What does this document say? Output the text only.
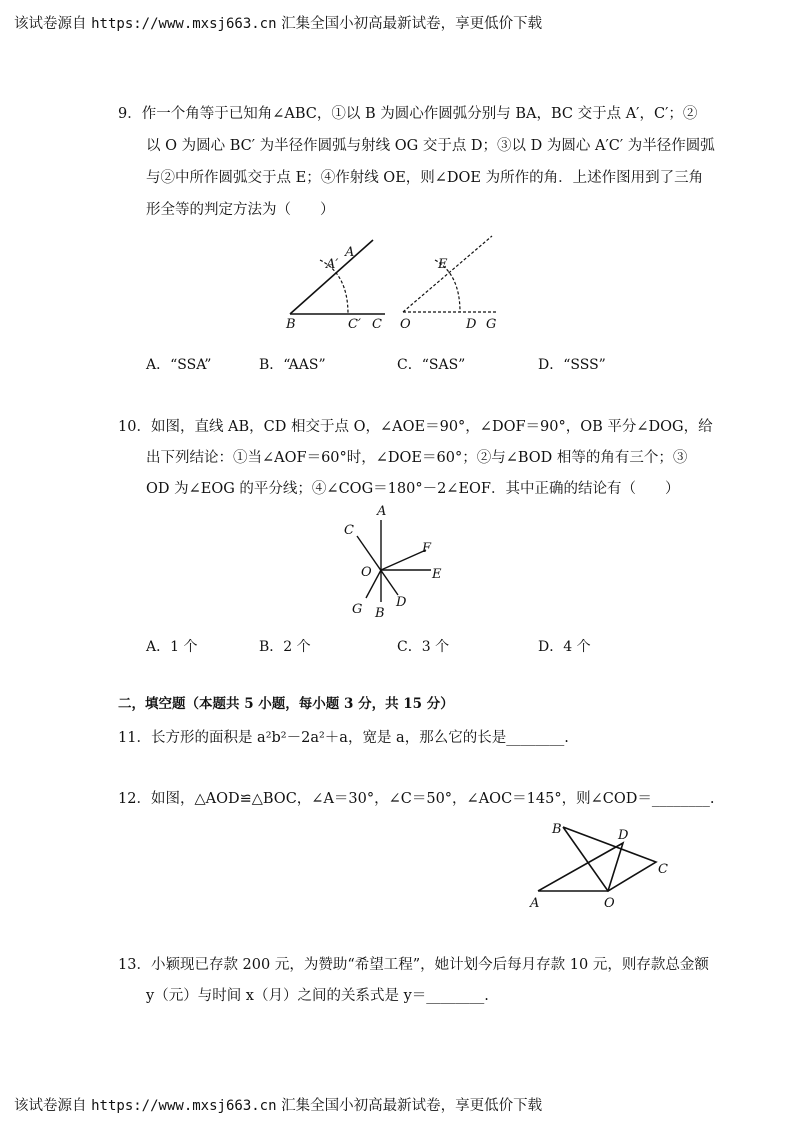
该试卷源自 https://www.mxsj663.cn 汇集全国小初高最新试卷，享更低价下载
9．作一个角等于已知角∠ABC，①以 B 为圆心作圆弧分别与 BA，BC 交于点 A′，C′；②
以 O 为圆心 BC′ 为半径作圆弧与射线 OG 交于点 D；③以 D 为圆心 A′C′ 为半径作圆弧
与②中所作圆弧交于点 E；④作射线 OE，则∠DOE 为所作的角．上述作图用到了三角
形全等的判定方法为（　　）
A
A′
B	C′ C
E
O	D G
A．“SSA”	B．“AAS”	C．“SAS”	D．“SSS”
10．如图，直线 AB，CD 相交于点 O，∠AOE＝90°，∠DOF＝90°，OB 平分∠DOG，给
出下列结论：①当∠AOF＝60°时，∠DOE＝60°；②与∠BOD 相等的角有三个；③
OD 为∠EOG 的平分线；④∠COG＝180°－2∠EOF．其中正确的结论有（　　）
A
C
F
O	E
G B
D
A．1 个	B．2 个	C．3 个	D．4 个
二，填空题（本题共 5 小题，每小题 3 分，共 15 分）
11．长方形的面积是 a²b²－2a²＋a，宽是 a，那么它的长是________.
12．如图，△AOD≌△BOC，∠A＝30°，∠C＝50°，∠AOC＝145°，则∠COD＝________.
B	D
C
A	O
13．小颖现已存款 200 元，为赞助“希望工程”，她计划今后每月存款 10 元，则存款总金额
y（元）与时间 x（月）之间的关系式是 y＝________.
该试卷源自 https://www.mxsj663.cn 汇集全国小初高最新试卷，享更低价下载
